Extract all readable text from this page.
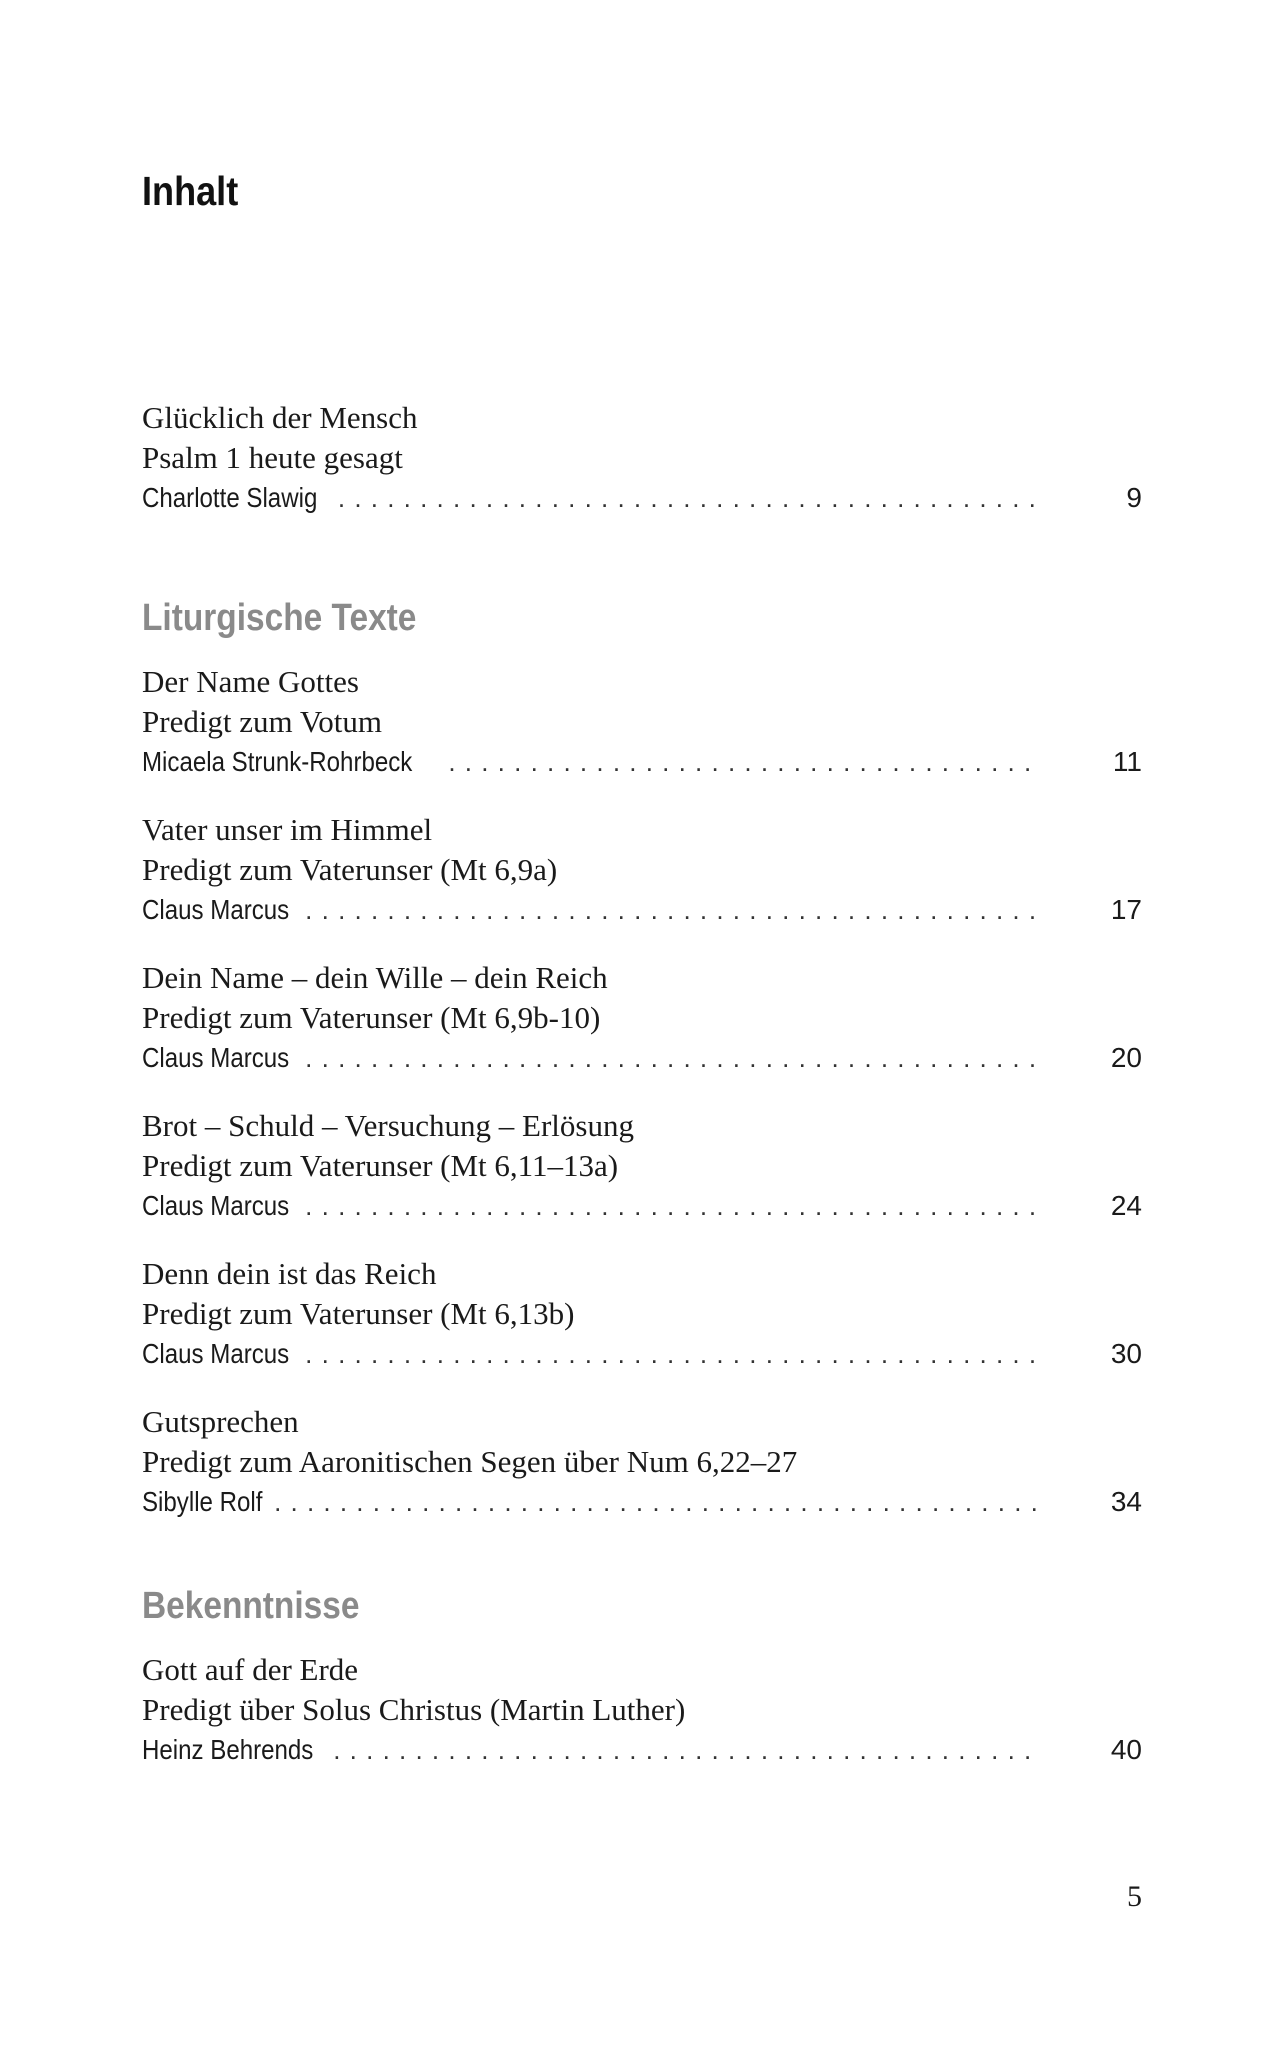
Inhalt
Glücklich der Mensch
Psalm 1 heute gesagt
Charlotte Slawig . . .	9
Liturgische Texte
Der Name Gottes
Predigt zum Votum
Micaela Strunk-Rohrbeck . . .	11
Vater unser im Himmel
Predigt zum Vaterunser (Mt 6,9a)
Claus Marcus . . .	17
Dein Name – dein Wille – dein Reich
Predigt zum Vaterunser (Mt 6,9b-10)
Claus Marcus . . .	20
Brot – Schuld – Versuchung – Erlösung
Predigt zum Vaterunser (Mt 6,11–13a)
Claus Marcus . . .	24
Denn dein ist das Reich
Predigt zum Vaterunser (Mt 6,13b)
Claus Marcus . . .	30
Gutsprechen
Predigt zum Aaronitischen Segen über Num 6,22–27
Sibylle Rolf . . .	34
Bekenntnisse
Gott auf der Erde
Predigt über Solus Christus (Martin Luther)
Heinz Behrends . . .	40
5
